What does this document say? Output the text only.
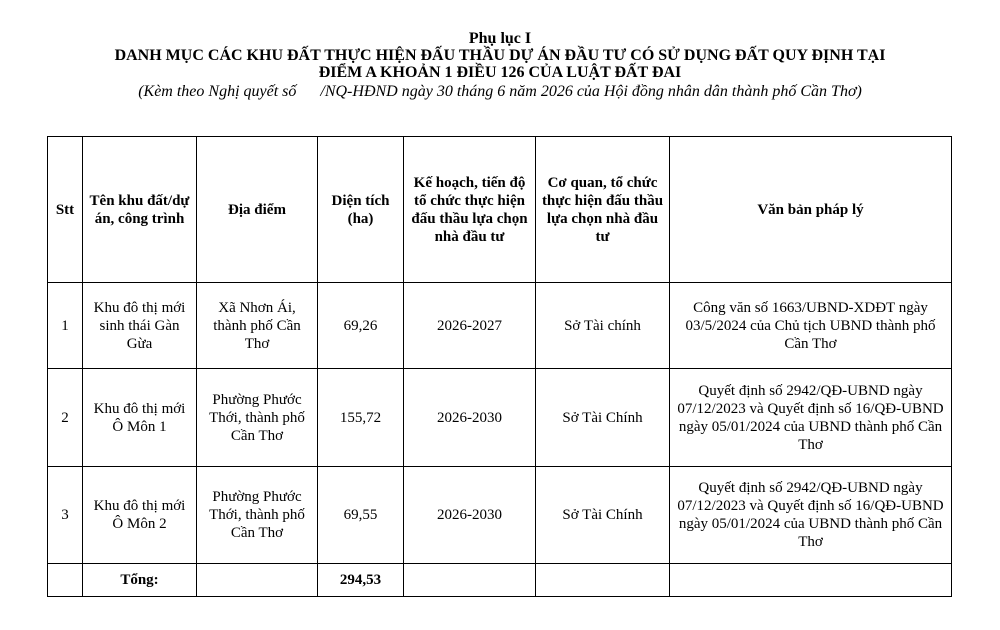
Phụ lục I
DANH MỤC CÁC KHU ĐẤT THỰC HIỆN ĐẤU THẦU DỰ ÁN ĐẦU TƯ CÓ SỬ DỤNG ĐẤT QUY ĐỊNH TẠI
ĐIỂM A KHOẢN 1 ĐIỀU 126 CỦA LUẬT ĐẤT ĐAI
(Kèm theo Nghị quyết số      /NQ-HĐND ngày 30 tháng 6 năm 2026 của Hội đồng nhân dân thành phố Cần Thơ)
Stt	Tên khu đất/dự án, công trình	Địa điểm	Diện tích (ha)	Kế hoạch, tiến độ tổ chức thực hiện đấu thầu lựa chọn nhà đầu tư	Cơ quan, tổ chức thực hiện đấu thầu lựa chọn nhà đầu tư	Văn bản pháp lý
1	Khu đô thị mới sinh thái Gàn Gừa	Xã Nhơn Ái, thành phố Cần Thơ	69,26	2026-2027	Sở Tài chính	Công văn số 1663/UBND-XDĐT ngày 03/5/2024 của Chủ tịch UBND thành phố Cần Thơ
2	Khu đô thị mới Ô Môn 1	Phường Phước Thới, thành phố Cần Thơ	155,72	2026-2030	Sở Tài Chính	Quyết định số 2942/QĐ-UBND ngày 07/12/2023 và Quyết định số 16/QĐ-UBND ngày 05/01/2024 của UBND thành phố Cần Thơ
3	Khu đô thị mới Ô Môn 2	Phường Phước Thới, thành phố Cần Thơ	69,55	2026-2030	Sở Tài Chính	Quyết định số 2942/QĐ-UBND ngày 07/12/2023 và Quyết định số 16/QĐ-UBND ngày 05/01/2024 của UBND thành phố Cần Thơ
	Tổng:		294,53			
